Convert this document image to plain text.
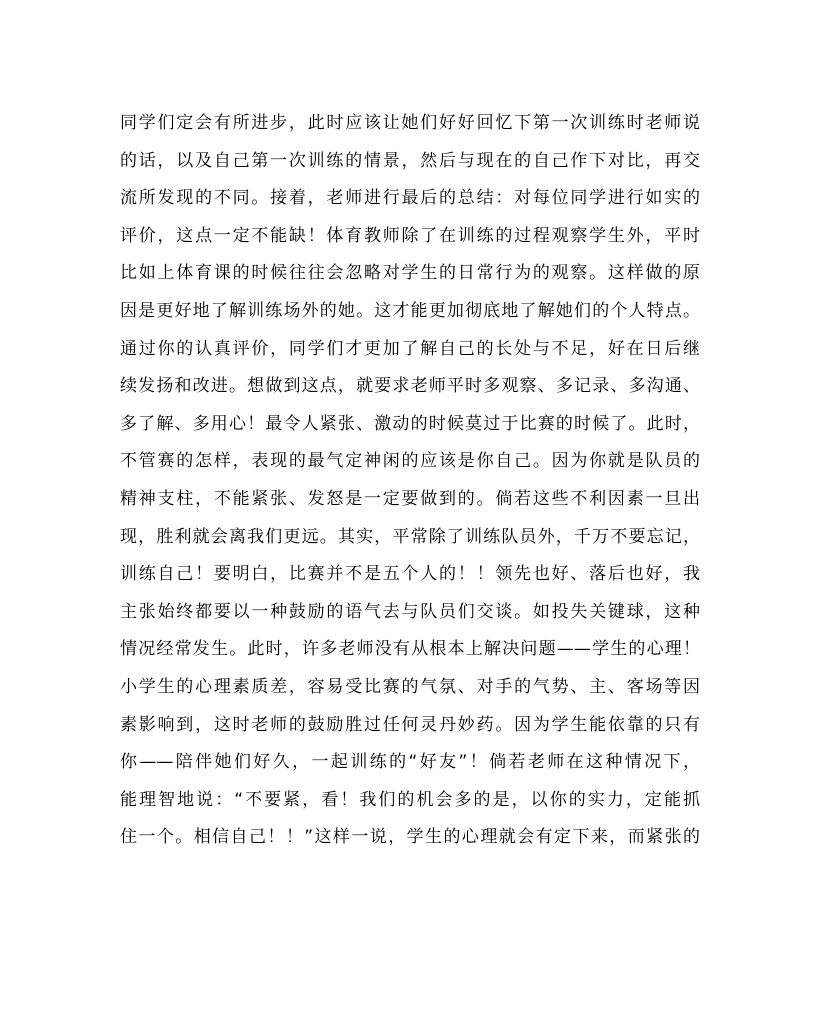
同学们定会有所进步，此时应该让她们好好回忆下第一次训练时老师说
的话，以及自己第一次训练的情景，然后与现在的自己作下对比，再交
流所发现的不同。接着，老师进行最后的总结：对每位同学进行如实的
评价，这点一定不能缺！体育教师除了在训练的过程观察学生外，平时
比如上体育课的时候往往会忽略对学生的日常行为的观察。这样做的原
因是更好地了解训练场外的她。这才能更加彻底地了解她们的个人特点。
通过你的认真评价，同学们才更加了解自己的长处与不足，好在日后继
续发扬和改进。想做到这点，就要求老师平时多观察、多记录、多沟通、
多了解、多用心！最令人紧张、激动的时候莫过于比赛的时候了。此时，
不管赛的怎样，表现的最气定神闲的应该是你自己。因为你就是队员的
精神支柱，不能紧张、发怒是一定要做到的。倘若这些不利因素一旦出
现，胜利就会离我们更远。其实，平常除了训练队员外，千万不要忘记，
训练自己！要明白，比赛并不是五个人的！！领先也好、落后也好，我
主张始终都要以一种鼓励的语气去与队员们交谈。如投失关键球，这种
情况经常发生。此时，许多老师没有从根本上解决问题——学生的心理！
小学生的心理素质差，容易受比赛的气氛、对手的气势、主、客场等因
素影响到，这时老师的鼓励胜过任何灵丹妙药。因为学生能依靠的只有
你——陪伴她们好久，一起训练的“好友”！倘若老师在这种情况下，
能理智地说：“不要紧，看！我们的机会多的是，以你的实力，定能抓
住一个。相信自己！！”这样一说，学生的心理就会有定下来，而紧张的
